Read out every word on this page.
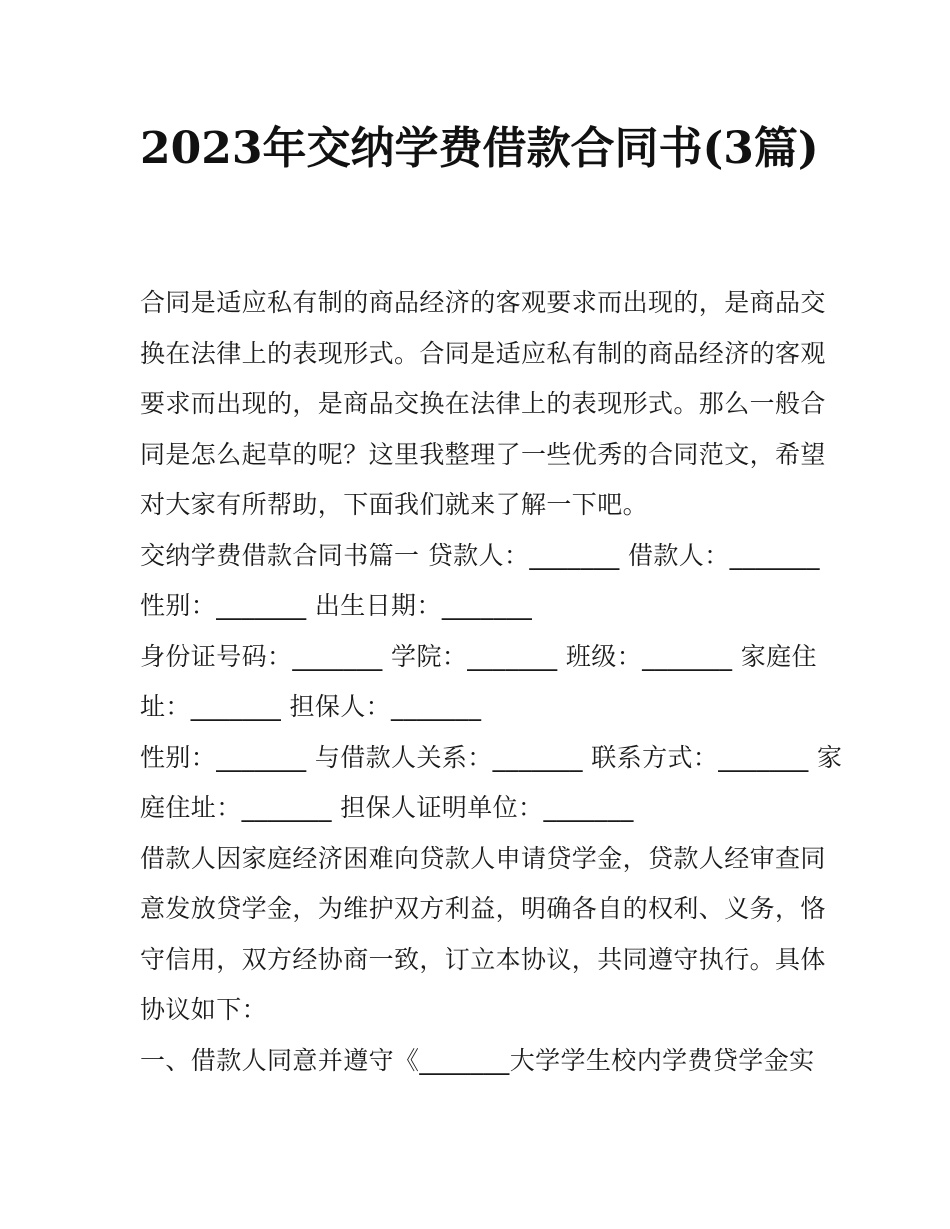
2023年交纳学费借款合同书(3篇)
合同是适应私有制的商品经济的客观要求而出现的，是商品交
换在法律上的表现形式。合同是适应私有制的商品经济的客观
要求而出现的，是商品交换在法律上的表现形式。那么一般合
同是怎么起草的呢？这里我整理了一些优秀的合同范文，希望
对大家有所帮助，下面我们就来了解一下吧。
交纳学费借款合同书篇一 贷款人：_______ 借款人：_______
性别：_______ 出生日期：_______
身份证号码：_______ 学院：_______ 班级：_______ 家庭住
址：_______ 担保人：_______
性别：_______ 与借款人关系：_______ 联系方式：_______ 家
庭住址：_______ 担保人证明单位：_______
借款人因家庭经济困难向贷款人申请贷学金，贷款人经审查同
意发放贷学金，为维护双方利益，明确各自的权利、义务，恪
守信用，双方经协商一致，订立本协议，共同遵守执行。具体
协议如下：
一、借款人同意并遵守《_______大学学生校内学费贷学金实
